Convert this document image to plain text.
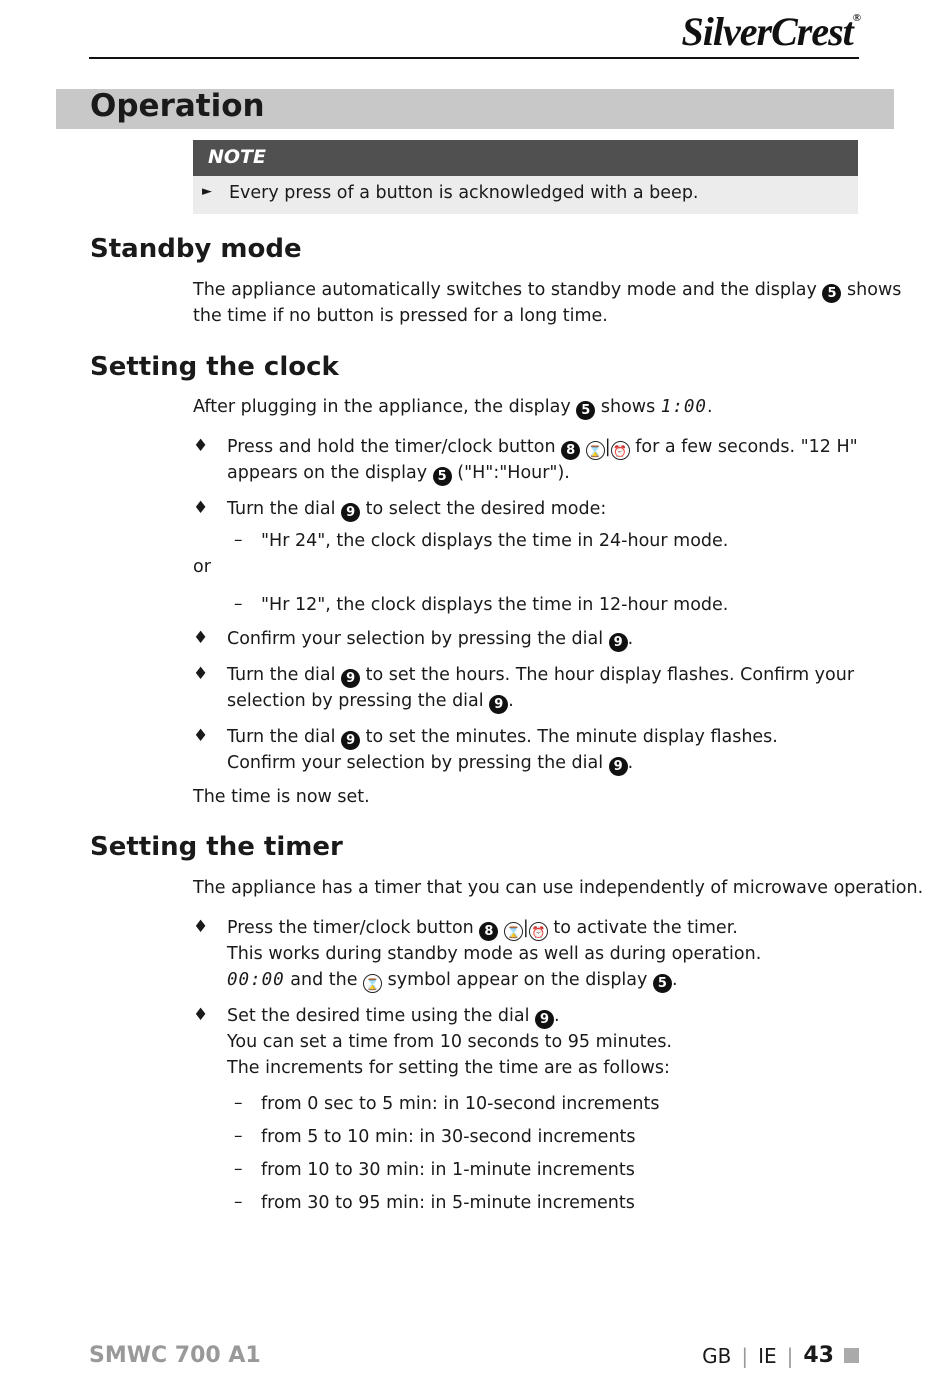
SilverCrest®
Operation
NOTE
► Every press of a button is acknowledged with a beep.
Standby mode
The appliance automatically switches to standby mode and the display 5 shows
the time if no button is pressed for a long time.
Setting the clock
After plugging in the appliance, the display 5 shows 1:00.
♦ Press and hold the timer/clock button 8 ⌛ | ⏰ for a few seconds. "12 H"
appears on the display 5 ("H":"Hour").
♦ Turn the dial 9 to select the desired mode:
– "Hr 24", the clock displays the time in 24-hour mode.
or
– "Hr 12", the clock displays the time in 12-hour mode.
♦ Confirm your selection by pressing the dial 9 .
♦ Turn the dial 9 to set the hours. The hour display flashes. Confirm your
selection by pressing the dial 9 .
♦ Turn the dial 9 to set the minutes. The minute display flashes.
Confirm your selection by pressing the dial 9 .
The time is now set.
Setting the timer
The appliance has a timer that you can use independently of microwave operation.
♦ Press the timer/clock button 8 ⌛ | ⏰ to activate the timer.
This works during standby mode as well as during operation.
00:00 and the ⌛ symbol appear on the display 5 .
♦ Set the desired time using the dial 9 .
You can set a time from 10 seconds to 95 minutes.
The increments for setting the time are as follows:
– from 0 sec to 5 min: in 10-second increments
– from 5 to 10 min: in 30-second increments
– from 10 to 30 min: in 1-minute increments
– from 30 to 95 min: in 5-minute increments
SMWC 700 A1	GB | IE | 43
